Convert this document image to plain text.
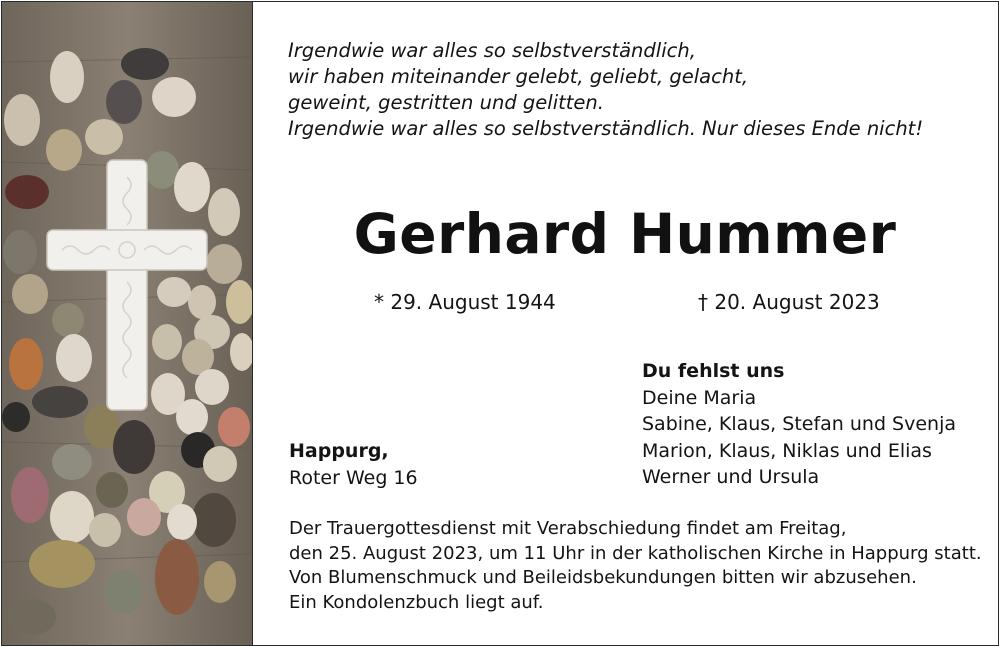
Irgendwie war alles so selbstverständlich,
wir haben miteinander gelebt, geliebt, gelacht,
geweint, gestritten und gelitten.
Irgendwie war alles so selbstverständlich. Nur dieses Ende nicht!
Gerhard Hummer
* 29. August 1944	† 20. August 2023
Du fehlst uns
Deine Maria
Sabine, Klaus, Stefan und Svenja
Marion, Klaus, Niklas und Elias
Werner und Ursula
Happurg,
Roter Weg 16
Der Trauergottesdienst mit Verabschiedung findet am Freitag,
den 25. August 2023, um 11 Uhr in der katholischen Kirche in Happurg statt.
Von Blumenschmuck und Beileidsbekundungen bitten wir abzusehen.
Ein Kondolenzbuch liegt auf.
